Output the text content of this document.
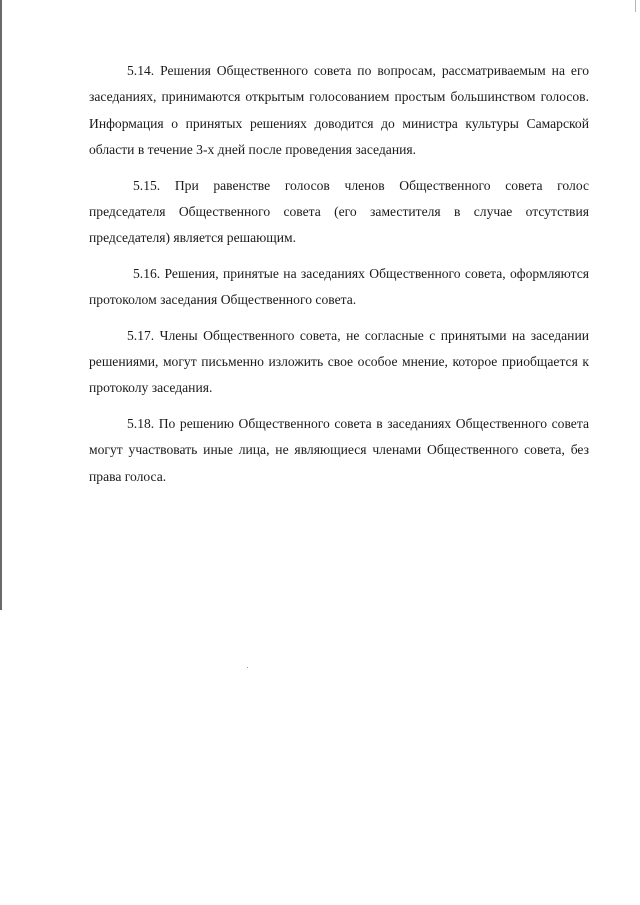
5.14. Решения Общественного совета по вопросам, рассматриваемым на его заседаниях, принимаются открытым голосованием простым большинством голосов. Информация о принятых решениях доводится до министра культуры Самарской области в течение 3-х дней после проведения заседания.

5.15. При равенстве голосов членов Общественного совета голос председателя Общественного совета (его заместителя в случае отсутствия председателя) является решающим.

5.16. Решения, принятые на заседаниях Общественного совета, оформляются протоколом заседания Общественного совета.

5.17. Члены Общественного совета, не согласные с принятыми на заседании решениями, могут письменно изложить свое особое мнение, которое приобщается к протоколу заседания.

5.18. По решению Общественного совета в заседаниях Общественного совета могут участвовать иные лица, не являющиеся членами Общественного совета, без права голоса.
